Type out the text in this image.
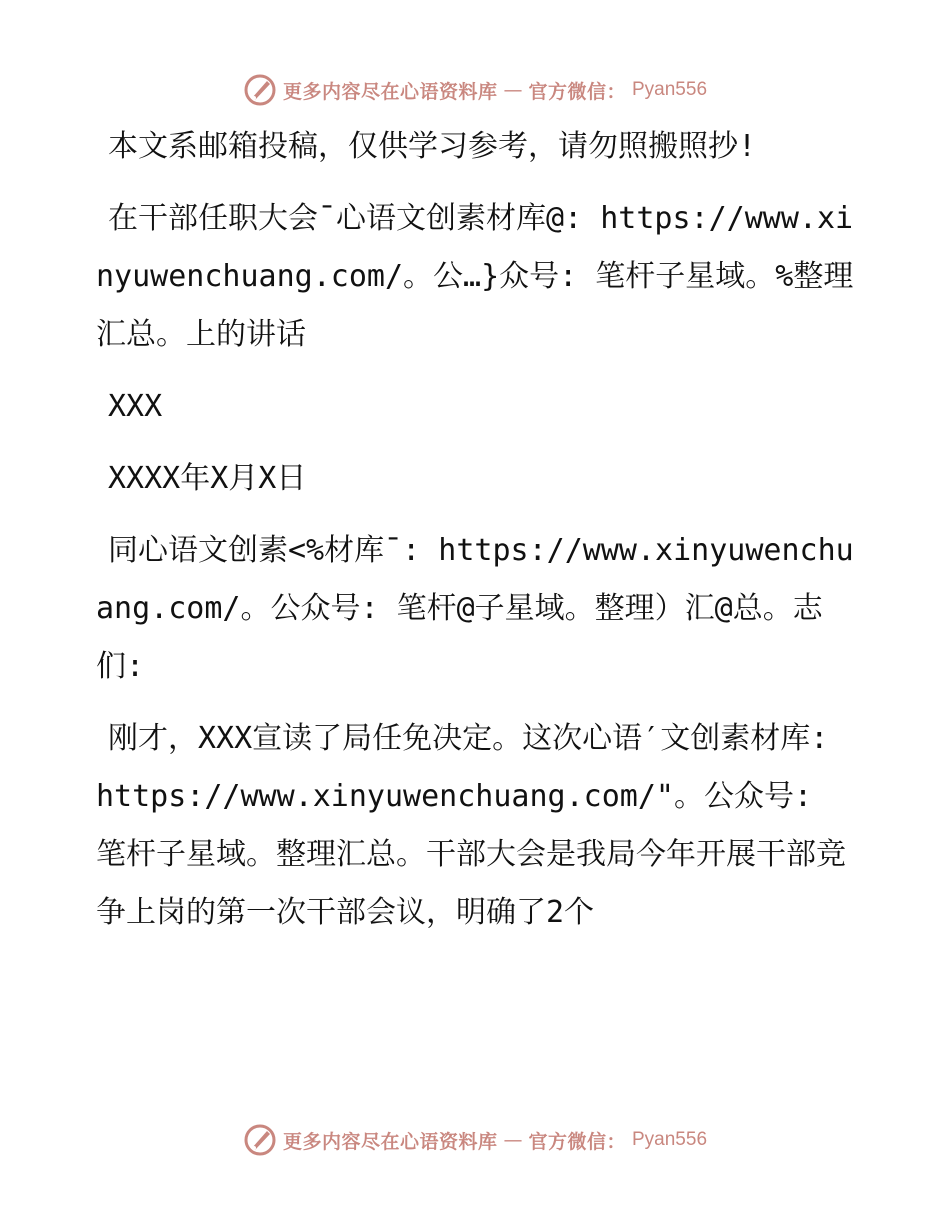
更多内容尽在心语资料库 — 官方微信： Pyan556

本文系邮箱投稿，仅供学习参考，请勿照搬照抄!

在干部任职大会¯心语文创素材库@: https://www.xinyuwenchuang.com/。公…}众号: 笔杆子星域。%整理汇总。上的讲话

XXX

XXXX年X月X日

同心语文创素<%材库¯: https://www.xinyuwenchuang.com/。公众号: 笔杆@子星域。整理）汇@总。志们:

刚才，XXX宣读了局任免决定。这次心语′文创素材库: https://www.xinyuwenchuang.com/"。公众号: 笔杆子星域。整理汇总。干部大会是我局今年开展干部竞争上岗的第一次干部会议，明确了2个

更多内容尽在心语资料库 — 官方微信： Pyan556
